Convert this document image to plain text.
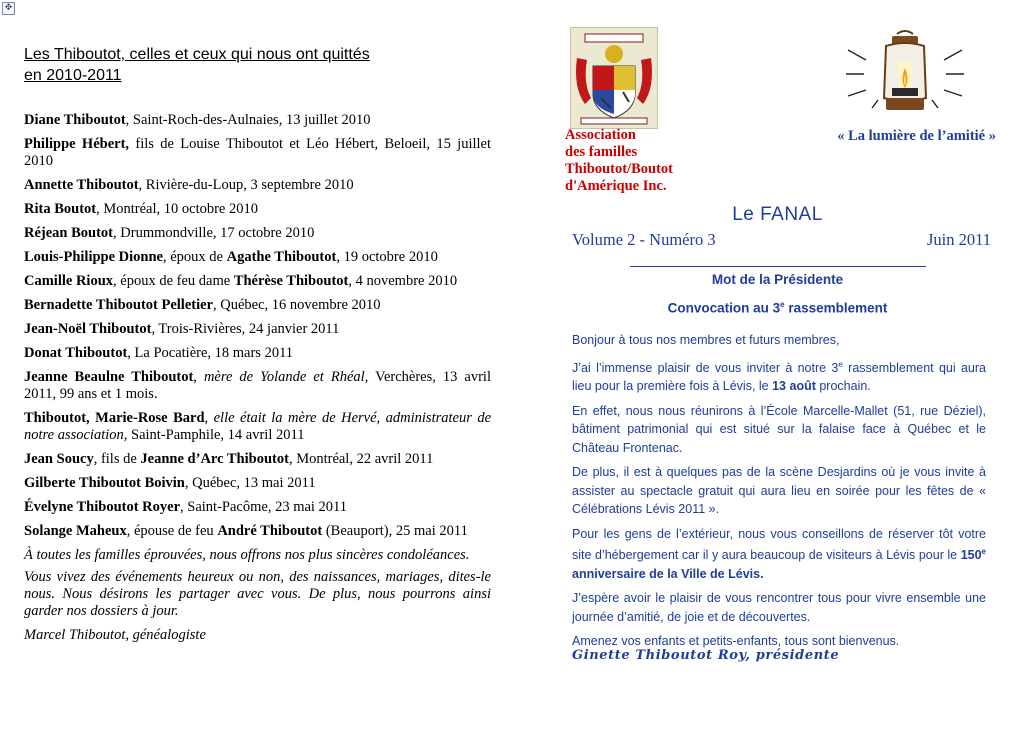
✥
Les Thiboutot, celles et ceux qui nous ont quittés
en 2010-2011
Diane Thiboutot, Saint-Roch-des-Aulnaies, 13 juillet 2010
Philippe Hébert, fils de Louise Thiboutot et Léo Hébert, Beloeil, 15 juillet 2010
Annette Thiboutot, Rivière-du-Loup, 3 septembre 2010
Rita Boutot, Montréal, 10 octobre 2010
Réjean Boutot, Drummondville, 17 octobre 2010
Louis-Philippe Dionne, époux de Agathe Thiboutot, 19 octobre 2010
Camille Rioux, époux de feu dame Thérèse Thiboutot, 4 novembre 2010
Bernadette Thiboutot Pelletier, Québec, 16 novembre 2010
Jean-Noël Thiboutot, Trois-Rivières, 24 janvier 2011
Donat Thiboutot, La Pocatière, 18 mars 2011
Jeanne Beaulne Thiboutot, mère de Yolande et Rhéal, Verchères, 13 avril 2011, 99 ans et 1 mois.
Thiboutot, Marie-Rose Bard, elle était la mère de Hervé, administrateur de notre association, Saint-Pamphile, 14 avril 2011
Jean Soucy, fils de Jeanne d’Arc Thiboutot, Montréal, 22 avril 2011
Gilberte Thiboutot Boivin, Québec, 13 mai 2011
Évelyne Thiboutot Royer, Saint-Pacôme, 23 mai 2011
Solange Maheux, épouse de feu André Thiboutot (Beauport), 25 mai 2011

À toutes les familles éprouvées, nous offrons nos plus sincères condoléances.

Vous vivez des événements heureux ou non, des naissances, mariages, dites-le nous. Nous désirons les partager avec vous. De plus, nous pourrons ainsi garder nos dossiers à jour.

Marcel Thiboutot, généalogiste

Association
des familles
Thiboutot/Boutot
d'Amérique Inc.
« La lumière de l’amitié »
Le FANAL
Volume 2 - Numéro 3	Juin 2011
Mot de la Présidente
Convocation au 3e rassemblement

Bonjour à tous nos membres et futurs membres,

J’ai l’immense plaisir de vous inviter à notre 3e rassemblement qui aura lieu pour la première fois à Lévis, le 13 août prochain.

En effet, nous nous réunirons à l’École Marcelle-Mallet (51, rue Déziel), bâtiment patrimonial qui est situé sur la falaise face à Québec et le Château Frontenac.

De plus, il est à quelques pas de la scène Desjardins où je vous invite à assister au spectacle gratuit qui aura lieu en soirée pour les fêtes de « Célébrations Lévis 2011 ».

Pour les gens de l’extérieur, nous vous conseillons de réserver tôt votre site d’hébergement car il y aura beaucoup de visiteurs à Lévis pour le 150e anniversaire de la Ville de Lévis.

J’espère avoir le plaisir de vous rencontrer tous pour vivre ensemble une journée d’amitié, de joie et de découvertes.

Amenez vos enfants et petits-enfants, tous sont bienvenus.

Ginette Thiboutot Roy, présidente
